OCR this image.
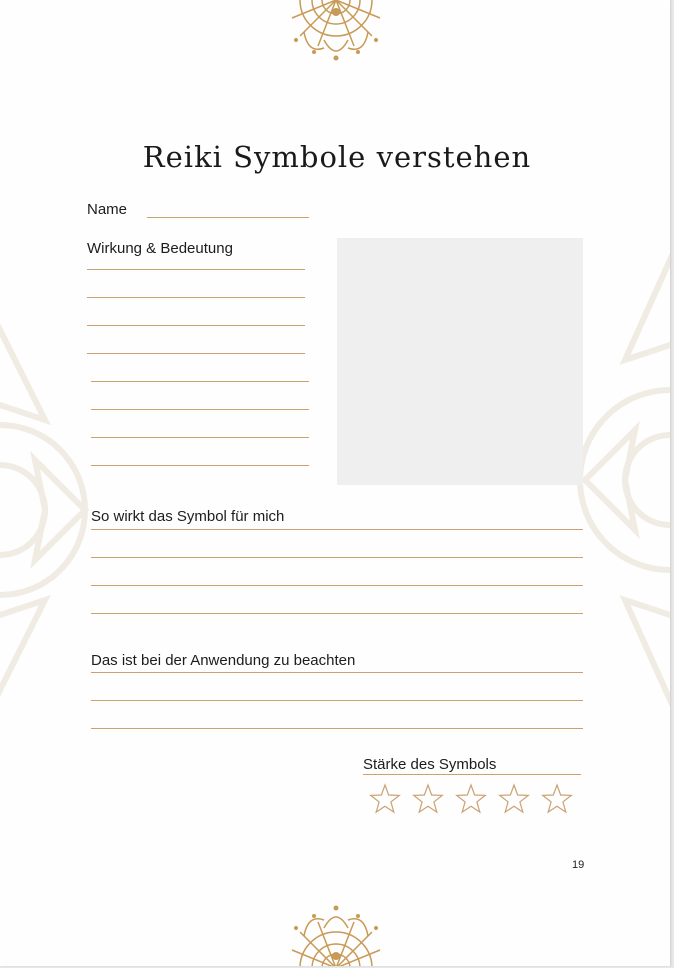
Reiki Symbole verstehen
Name
Wirkung & Bedeutung
So wirkt das Symbol für mich
Das ist bei der Anwendung zu beachten
Stärke des Symbols
19
